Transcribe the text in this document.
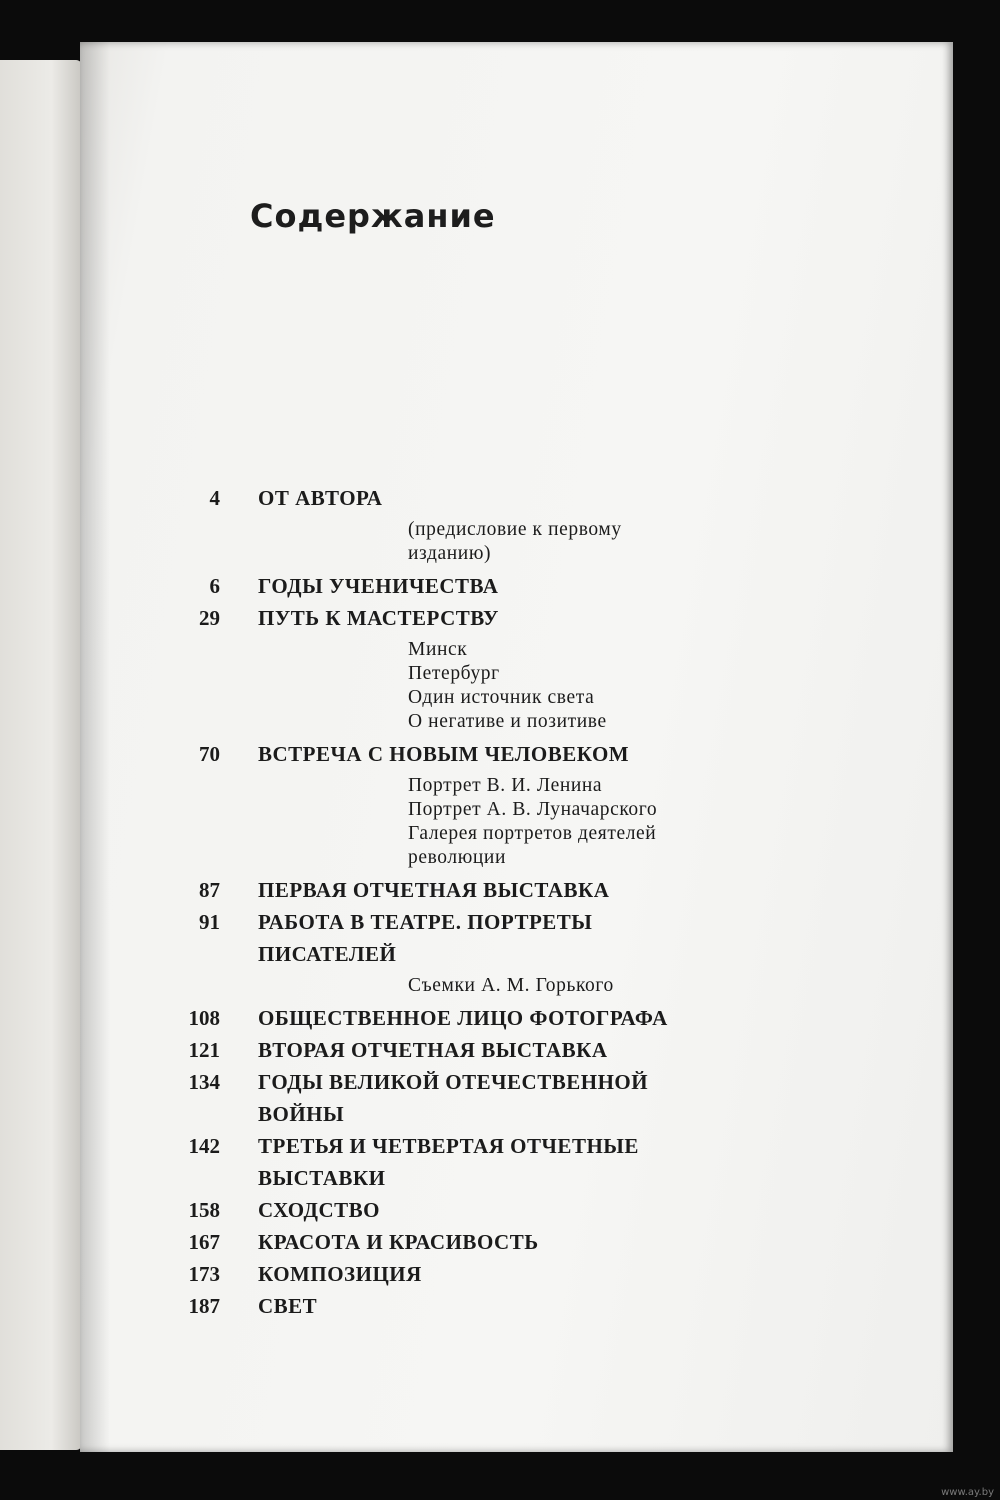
Содержание
4 ОТ АВТОРА
(предисловие к первому
изданию)
6 ГОДЫ УЧЕНИЧЕСТВА
29 ПУТЬ К МАСТЕРСТВУ
Минск
Петербург
Один источник света
О негативе и позитиве
70 ВСТРЕЧА С НОВЫМ ЧЕЛОВЕКОМ
Портрет В. И. Ленина
Портрет А. В. Луначарского
Галерея портретов деятелей
революции
87 ПЕРВАЯ ОТЧЕТНАЯ ВЫСТАВКА
91 РАБОТА В ТЕАТРЕ. ПОРТРЕТЫ
ПИСАТЕЛЕЙ
Съемки А. М. Горького
108 ОБЩЕСТВЕННОЕ ЛИЦО ФОТОГРАФА
121 ВТОРАЯ ОТЧЕТНАЯ ВЫСТАВКА
134 ГОДЫ ВЕЛИКОЙ ОТЕЧЕСТВЕННОЙ
ВОЙНЫ
142 ТРЕТЬЯ И ЧЕТВЕРТАЯ ОТЧЕТНЫЕ
ВЫСТАВКИ
158 СХОДСТВО
167 КРАСОТА И КРАСИВОСТЬ
173 КОМПОЗИЦИЯ
187 СВЕТ
www.ay.by
